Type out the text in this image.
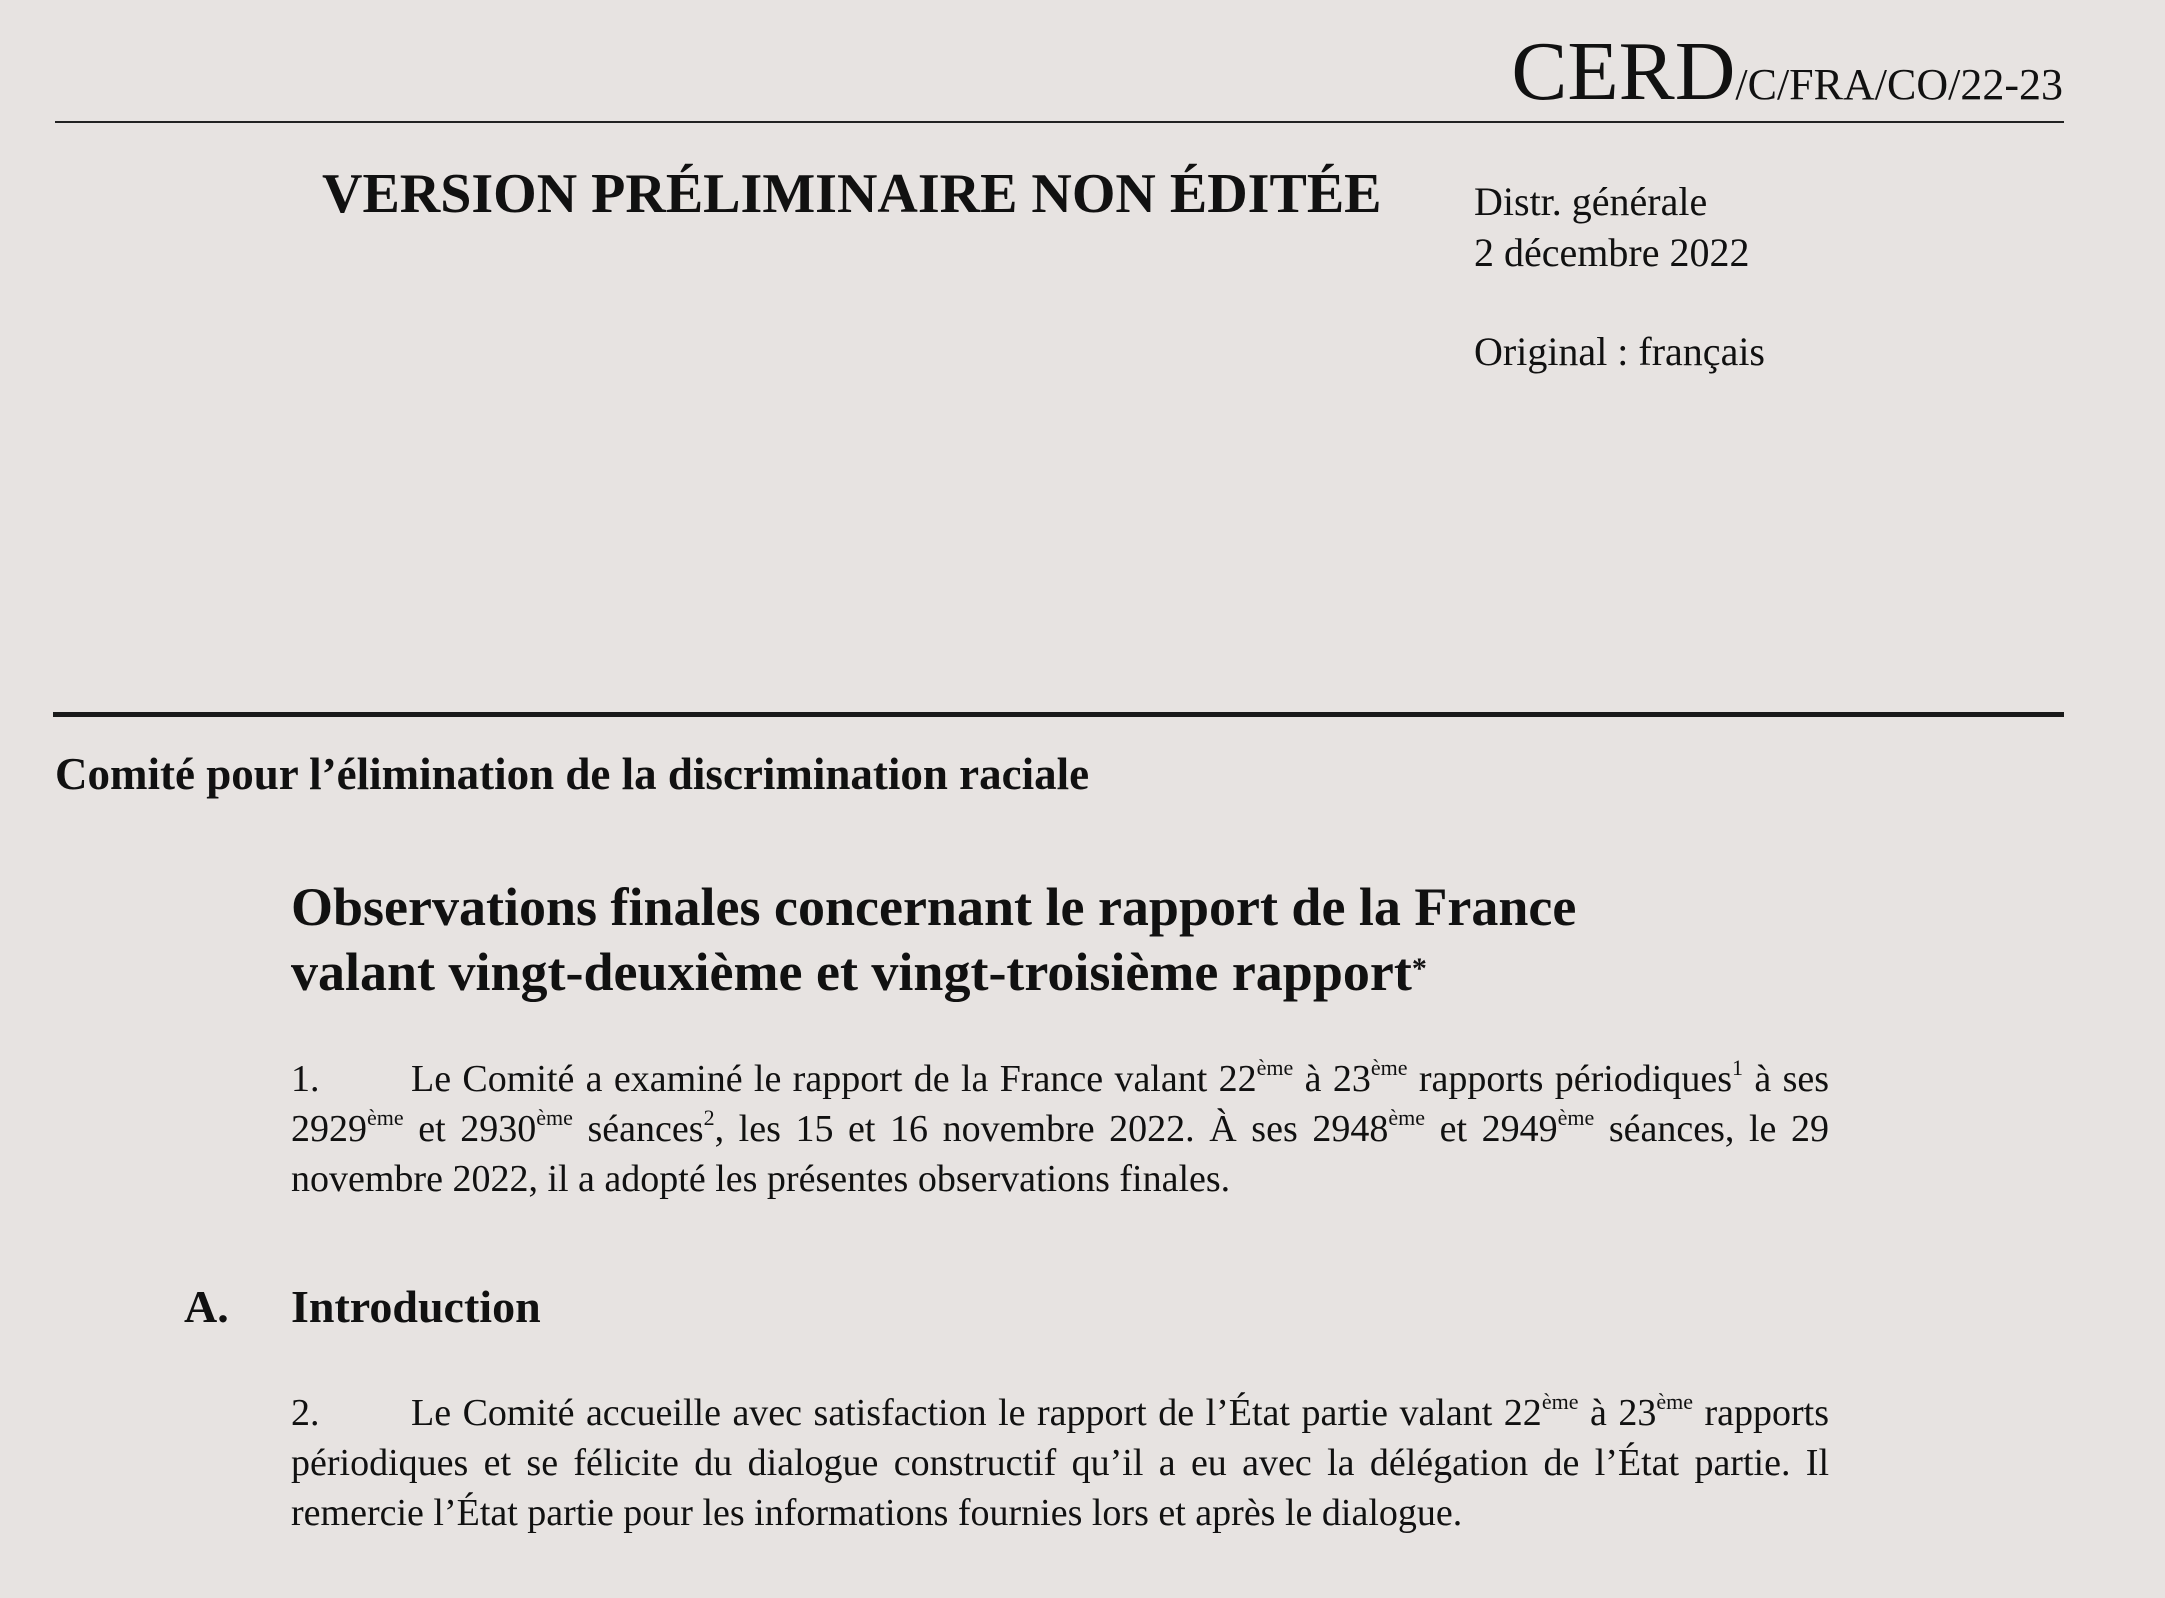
CERD/C/FRA/CO/22-23
VERSION PRÉLIMINAIRE NON ÉDITÉE Distr. générale
2 décembre 2022
Original : français
Comité pour l’élimination de la discrimination raciale
Observations finales concernant le rapport de la France
valant vingt-deuxième et vingt-troisième rapport*
1. Le Comité a examiné le rapport de la France valant 22ème à 23ème rapports périodiques$^1$ à ses 2929ème et 2930ème séances$^2$, les 15 et 16 novembre 2022. À ses 2948ème et 2949ème séances, le 29 novembre 2022, il a adopté les présentes observations finales.
A. Introduction
2. Le Comité accueille avec satisfaction le rapport de l’État partie valant 22ème à 23ème rapports périodiques et se félicite du dialogue constructif qu’il a eu avec la délégation de l’État partie. Il remercie l’État partie pour les informations fournies lors et après le dialogue.
